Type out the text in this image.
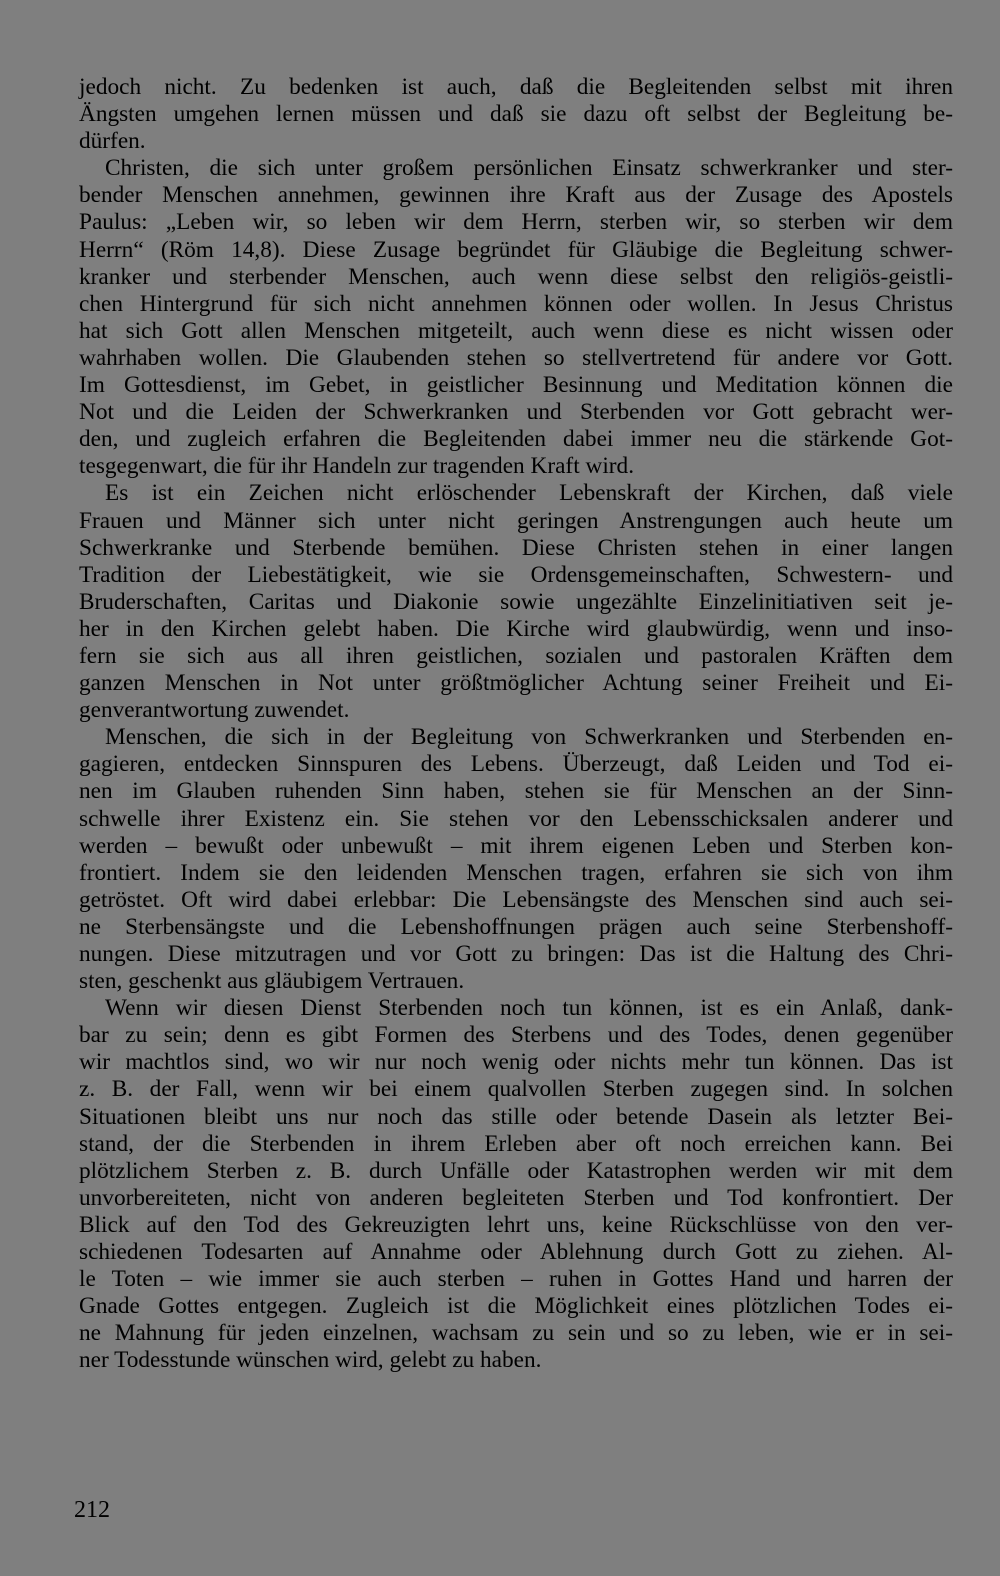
jedoch nicht. Zu bedenken ist auch, daß die Begleitenden selbst mit ihren
Ängsten umgehen lernen müssen und daß sie dazu oft selbst der Begleitung be-
dürfen.
Christen, die sich unter großem persönlichen Einsatz schwerkranker und ster-
bender Menschen annehmen, gewinnen ihre Kraft aus der Zusage des Apostels
Paulus: „Leben wir, so leben wir dem Herrn, sterben wir, so sterben wir dem
Herrn“ (Röm 14,8). Diese Zusage begründet für Gläubige die Begleitung schwer-
kranker und sterbender Menschen, auch wenn diese selbst den religiös-geistli-
chen Hintergrund für sich nicht annehmen können oder wollen. In Jesus Christus
hat sich Gott allen Menschen mitgeteilt, auch wenn diese es nicht wissen oder
wahrhaben wollen. Die Glaubenden stehen so stellvertretend für andere vor Gott.
Im Gottesdienst, im Gebet, in geistlicher Besinnung und Meditation können die
Not und die Leiden der Schwerkranken und Sterbenden vor Gott gebracht wer-
den, und zugleich erfahren die Begleitenden dabei immer neu die stärkende Got-
tesgegenwart, die für ihr Handeln zur tragenden Kraft wird.
Es ist ein Zeichen nicht erlöschender Lebenskraft der Kirchen, daß viele
Frauen und Männer sich unter nicht geringen Anstrengungen auch heute um
Schwerkranke und Sterbende bemühen. Diese Christen stehen in einer langen
Tradition der Liebestätigkeit, wie sie Ordensgemeinschaften, Schwestern- und
Bruderschaften, Caritas und Diakonie sowie ungezählte Einzelinitiativen seit je-
her in den Kirchen gelebt haben. Die Kirche wird glaubwürdig, wenn und inso-
fern sie sich aus all ihren geistlichen, sozialen und pastoralen Kräften dem
ganzen Menschen in Not unter größtmöglicher Achtung seiner Freiheit und Ei-
genverantwortung zuwendet.
Menschen, die sich in der Begleitung von Schwerkranken und Sterbenden en-
gagieren, entdecken Sinnspuren des Lebens. Überzeugt, daß Leiden und Tod ei-
nen im Glauben ruhenden Sinn haben, stehen sie für Menschen an der Sinn-
schwelle ihrer Existenz ein. Sie stehen vor den Lebensschicksalen anderer und
werden – bewußt oder unbewußt – mit ihrem eigenen Leben und Sterben kon-
frontiert. Indem sie den leidenden Menschen tragen, erfahren sie sich von ihm
getröstet. Oft wird dabei erlebbar: Die Lebensängste des Menschen sind auch sei-
ne Sterbensängste und die Lebenshoffnungen prägen auch seine Sterbenshoff-
nungen. Diese mitzutragen und vor Gott zu bringen: Das ist die Haltung des Chri-
sten, geschenkt aus gläubigem Vertrauen.
Wenn wir diesen Dienst Sterbenden noch tun können, ist es ein Anlaß, dank-
bar zu sein; denn es gibt Formen des Sterbens und des Todes, denen gegenüber
wir machtlos sind, wo wir nur noch wenig oder nichts mehr tun können. Das ist
z. B. der Fall, wenn wir bei einem qualvollen Sterben zugegen sind. In solchen
Situationen bleibt uns nur noch das stille oder betende Dasein als letzter Bei-
stand, der die Sterbenden in ihrem Erleben aber oft noch erreichen kann. Bei
plötzlichem Sterben z. B. durch Unfälle oder Katastrophen werden wir mit dem
unvorbereiteten, nicht von anderen begleiteten Sterben und Tod konfrontiert. Der
Blick auf den Tod des Gekreuzigten lehrt uns, keine Rückschlüsse von den ver-
schiedenen Todesarten auf Annahme oder Ablehnung durch Gott zu ziehen. Al-
le Toten – wie immer sie auch sterben – ruhen in Gottes Hand und harren der
Gnade Gottes entgegen. Zugleich ist die Möglichkeit eines plötzlichen Todes ei-
ne Mahnung für jeden einzelnen, wachsam zu sein und so zu leben, wie er in sei-
ner Todesstunde wünschen wird, gelebt zu haben.
212
